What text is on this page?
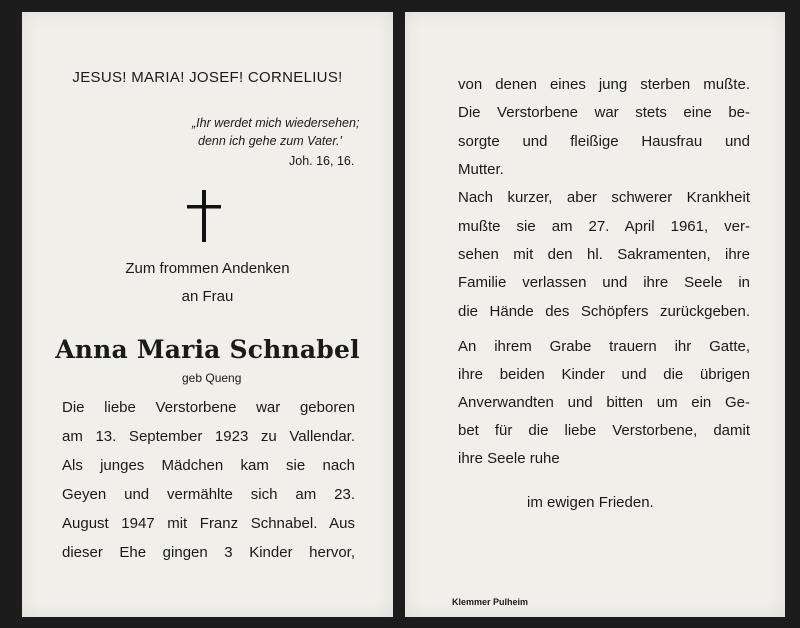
JESUS! MARIA! JOSEF! CORNELIUS!
„Ihr werdet mich wiedersehen;
denn ich gehe zum Vater.'
Joh. 16, 16.
Zum frommen Andenken
an Frau
Anna Maria Schnabel
geb Queng
Die liebe Verstorbene war geboren
am 13. September 1923 zu Vallendar.
Als junges Mädchen kam sie nach
Geyen und vermählte sich am 23.
August 1947 mit Franz Schnabel. Aus
dieser Ehe gingen 3 Kinder hervor,
von denen eines jung sterben mußte.
Die Verstorbene war stets eine be-
sorgte und fleißige Hausfrau und
Mutter.
Nach kurzer, aber schwerer Krankheit
mußte sie am 27. April 1961, ver-
sehen mit den hl. Sakramenten, ihre
Familie verlassen und ihre Seele in
die Hände des Schöpfers zurückgeben.
An ihrem Grabe trauern ihr Gatte,
ihre beiden Kinder und die übrigen
Anverwandten und bitten um ein Ge-
bet für die liebe Verstorbene, damit
ihre Seele ruhe
im ewigen Frieden.
Klemmer Pulheim
